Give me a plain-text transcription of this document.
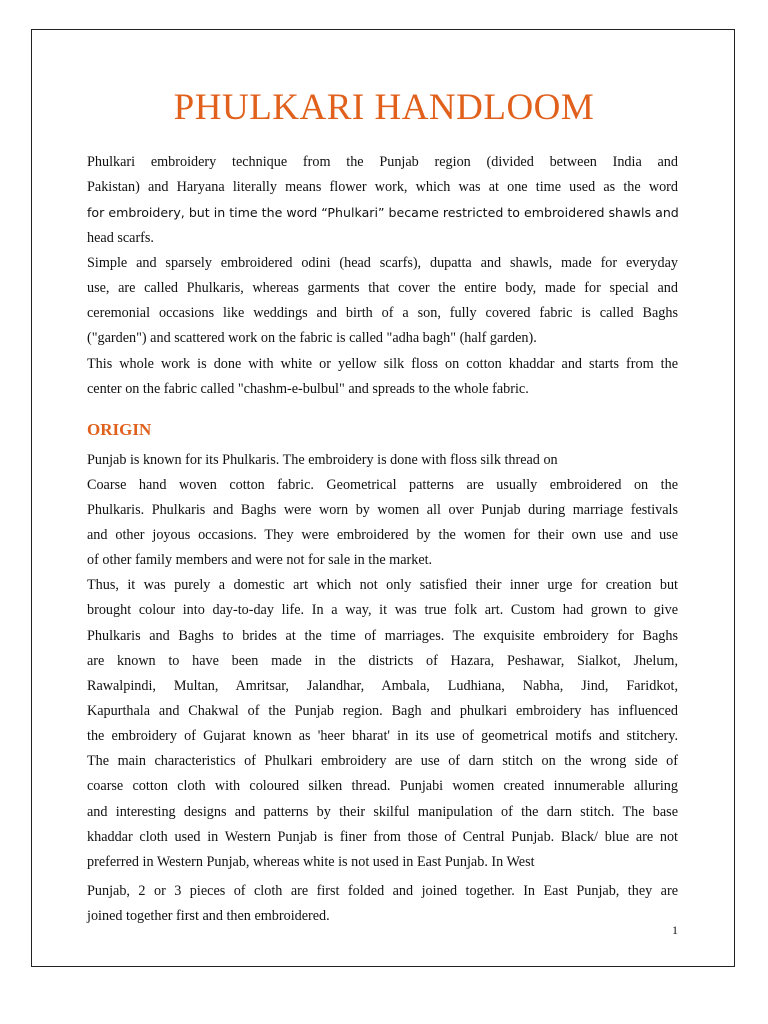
PHULKARI HANDLOOM
Phulkari embroidery technique from the Punjab region (divided between India and
Pakistan) and Haryana literally means flower work, which was at one time used as the word
for embroidery, but in time the word “Phulkari” became restricted to embroidered shawls and
head scarfs.
Simple and sparsely embroidered odini (head scarfs), dupatta and shawls, made for everyday
use, are called Phulkaris, whereas garments that cover the entire body, made for special and
ceremonial occasions like weddings and birth of a son, fully covered fabric is called Baghs
("garden") and scattered work on the fabric is called "adha bagh" (half garden).
This whole work is done with white or yellow silk floss on cotton khaddar and starts from the
center on the fabric called "chashm-e-bulbul" and spreads to the whole fabric.
ORIGIN
Punjab is known for its Phulkaris. The embroidery is done with floss silk thread on
Coarse hand woven cotton fabric. Geometrical patterns are usually embroidered on the
Phulkaris. Phulkaris and Baghs were worn by women all over Punjab during marriage festivals
and other joyous occasions. They were embroidered by the women for their own use and use
of other family members and were not for sale in the market.
Thus, it was purely a domestic art which not only satisfied their inner urge for creation but
brought colour into day-to-day life. In a way, it was true folk art. Custom had grown to give
Phulkaris and Baghs to brides at the time of marriages. The exquisite embroidery for Baghs
are known to have been made in the districts of Hazara, Peshawar, Sialkot, Jhelum,
Rawalpindi, Multan, Amritsar, Jalandhar, Ambala, Ludhiana, Nabha, Jind, Faridkot,
Kapurthala and Chakwal of the Punjab region. Bagh and phulkari embroidery has influenced
the embroidery of Gujarat known as 'heer bharat' in its use of geometrical motifs and stitchery.
The main characteristics of Phulkari embroidery are use of darn stitch on the wrong side of
coarse cotton cloth with coloured silken thread. Punjabi women created innumerable alluring
and interesting designs and patterns by their skilful manipulation of the darn stitch. The base
khaddar cloth used in Western Punjab is finer from those of Central Punjab. Black/ blue are not
preferred in Western Punjab, whereas white is not used in East Punjab. In West
Punjab, 2 or 3 pieces of cloth are first folded and joined together. In East Punjab, they are
joined together first and then embroidered.
1
